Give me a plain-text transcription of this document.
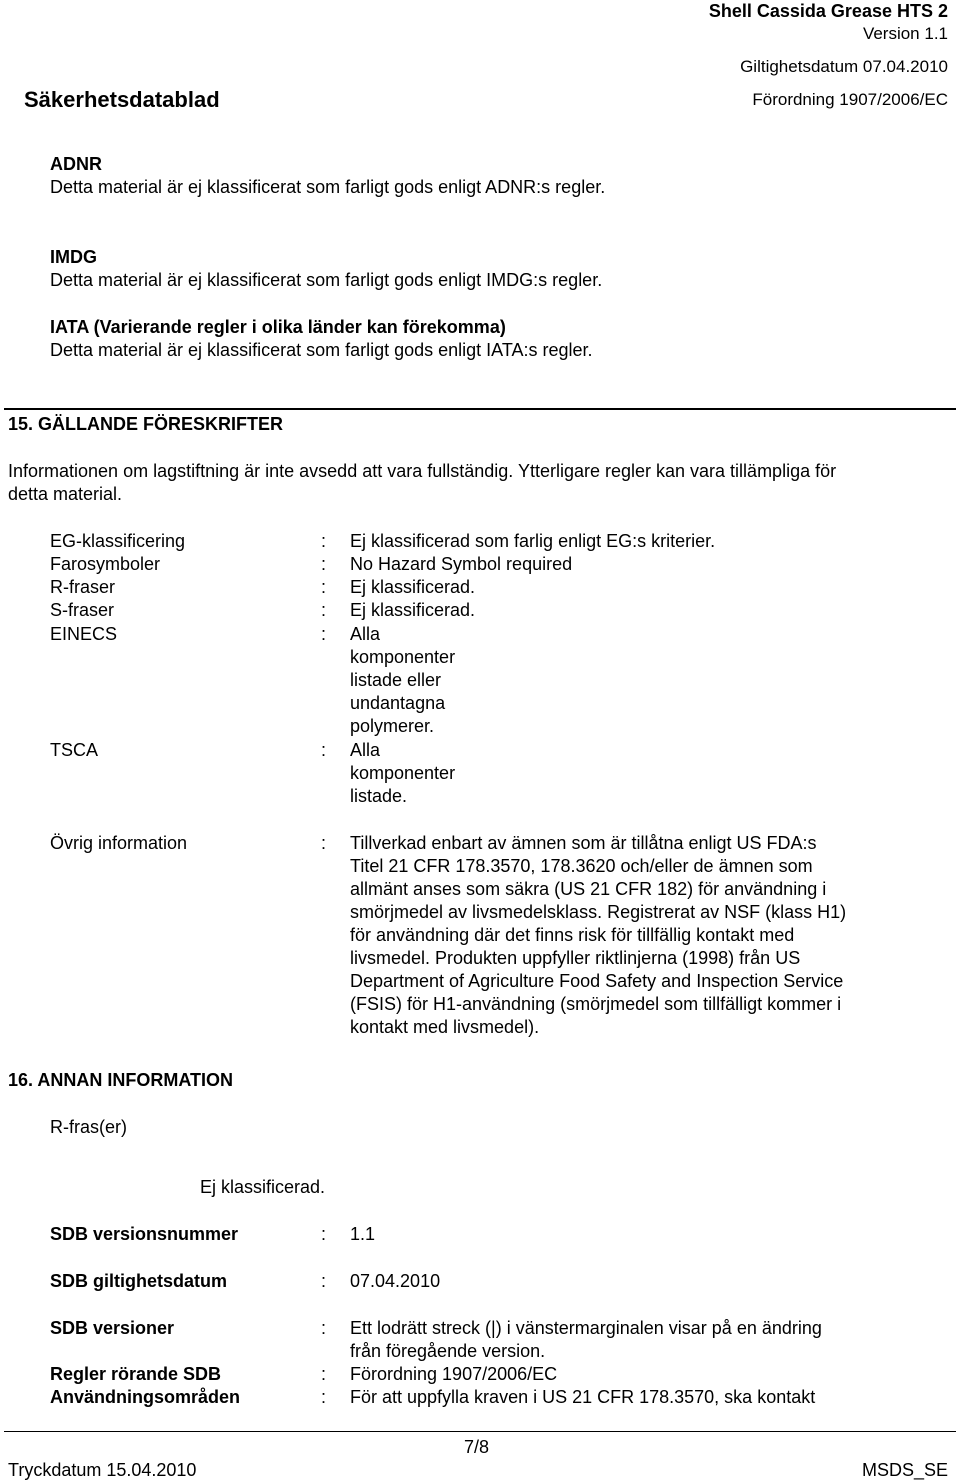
Shell Cassida Grease HTS 2
Version 1.1
Giltighetsdatum 07.04.2010
Säkerhetsdatablad	Förordning 1907/2006/EC
ADNR
Detta material är ej klassificerat som farligt gods enligt ADNR:s regler.
IMDG
Detta material är ej klassificerat som farligt gods enligt IMDG:s regler.
IATA (Varierande regler i olika länder kan förekomma)
Detta material är ej klassificerat som farligt gods enligt IATA:s regler.
15. GÄLLANDE FÖRESKRIFTER
Informationen om lagstiftning är inte avsedd att vara fullständig. Ytterligare regler kan vara tillämpliga för
detta material.
EG-klassificering	: Ej klassificerad som farlig enligt EG:s kriterier.
Farosymboler	: No Hazard Symbol required
R-fraser	: Ej klassificerad.
S-fraser	: Ej klassificerad.
EINECS	: Alla
komponenter
listade eller
undantagna
polymerer.
TSCA	: Alla
komponenter
listade.
Övrig information	: Tillverkad enbart av ämnen som är tillåtna enligt US FDA:s
Titel 21 CFR 178.3570, 178.3620 och/eller de ämnen som
allmänt anses som säkra (US 21 CFR 182) för användning i
smörjmedel av livsmedelsklass. Registrerat av NSF (klass H1)
för användning där det finns risk för tillfällig kontakt med
livsmedel. Produkten uppfyller riktlinjerna (1998) från US
Department of Agriculture Food Safety and Inspection Service
(FSIS) för H1-användning (smörjmedel som tillfälligt kommer i
kontakt med livsmedel).
16. ANNAN INFORMATION
R-fras(er)
Ej klassificerad.
SDB versionsnummer	: 1.1
SDB giltighetsdatum	: 07.04.2010
SDB versioner	: Ett lodrätt streck (|) i vänstermarginalen visar på en ändring
från föregående version.
Regler rörande SDB	: Förordning 1907/2006/EC
Användningsområden	: För att uppfylla kraven i US 21 CFR 178.3570, ska kontakt
7/8
Tryckdatum 15.04.2010	MSDS_SE
